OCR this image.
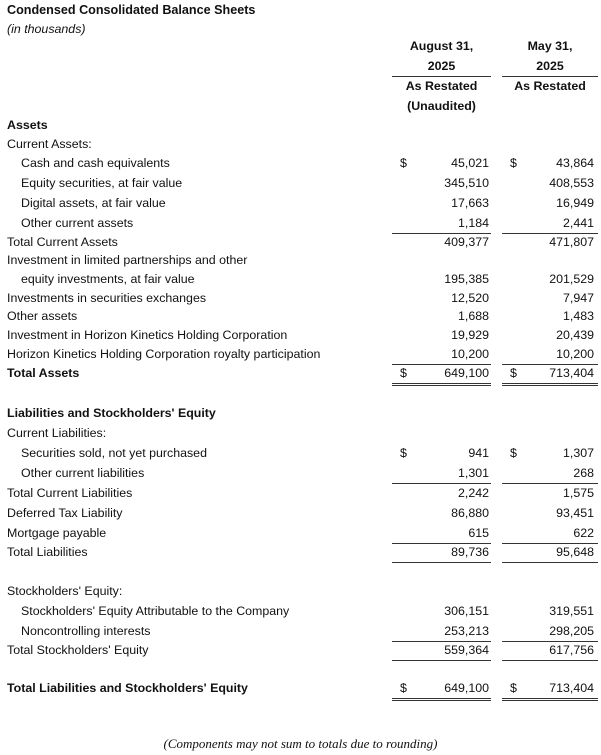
Condensed Consolidated Balance Sheets
(in thousands)
August 31,
2025
As Restated
(Unaudited)
May 31,
2025
As Restated
Assets
Current Assets:
Cash and cash equivalents	$	45,021 $	43,864
Equity securities, at fair value	345,510	408,553
Digital assets, at fair value	17,663	16,949
Other current assets	1,184	2,441
Total Current Assets	409,377	471,807
Investment in limited partnerships and other
equity investments, at fair value	195,385	201,529
Investments in securities exchanges	12,520	7,947
Other assets	1,688	1,483
Investment in Horizon Kinetics Holding Corporation	19,929	20,439
Horizon Kinetics Holding Corporation royalty participation	10,200	10,200
Total Assets	$	649,100 $	713,404
Liabilities and Stockholders' Equity
Current Liabilities:
Securities sold, not yet purchased	$	941 $	1,307
Other current liabilities	1,301	268
Total Current Liabilities	2,242	1,575
Deferred Tax Liability	86,880	93,451
Mortgage payable	615	622
Total Liabilities	89,736	95,648
Stockholders' Equity:
Stockholders' Equity Attributable to the Company	306,151	319,551
Noncontrolling interests	253,213	298,205
Total Stockholders' Equity	559,364	617,756
Total Liabilities and Stockholders' Equity	$	649,100 $	713,404
(Components may not sum to totals due to rounding)
